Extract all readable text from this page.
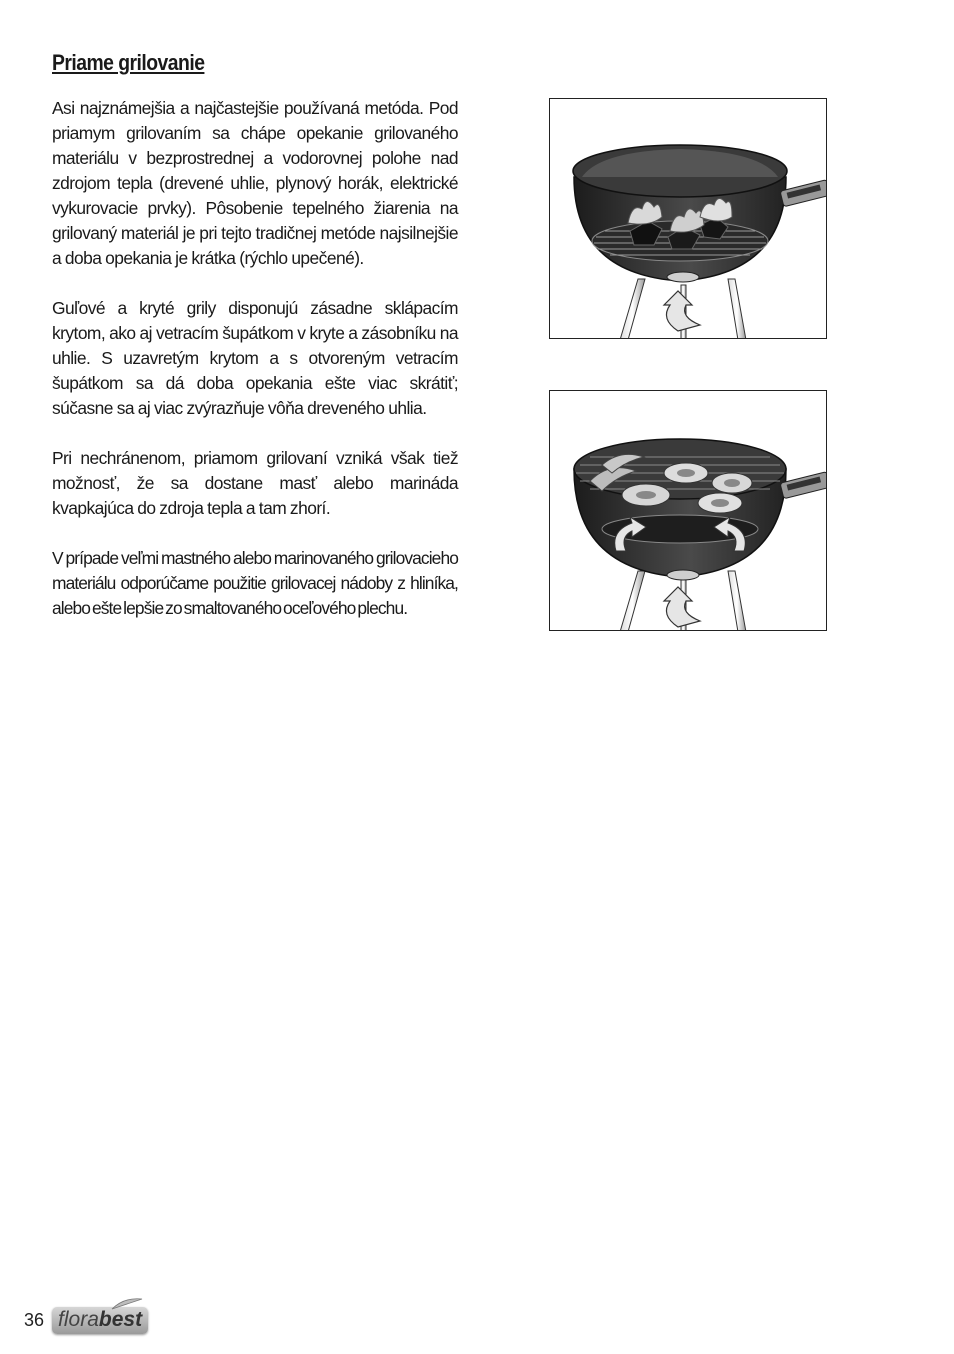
Priame grilovanie

Asi najznámejšia a najčastejšie používaná metóda. Pod priamym grilovaním sa chápe opekanie grilovaného materiálu v bezprostrednej a vodorovnej polohe nad zdrojom tepla (drevené uhlie, plynový horák, elektrické vykurovacie prvky). Pôsobenie tepelného žiarenia na grilovaný materiál je pri tejto tradičnej metóde najsilnejšie a doba opekania je krátka (rýchlo upečené).

Guľové a kryté grily disponujú zásadne sklápacím krytom, ako aj vetracím šupátkom v kryte a zásobníku na uhlie. S uzavretým krytom a s otvoreným vetracím šupátkom sa dá doba opekania ešte viac skrátiť; súčasne sa aj viac zvýrazňuje vôňa dreveného uhlia.

Pri nechránenom, priamom grilovaní vzniká však tiež možnosť, že sa dostane masť alebo marináda kvapkajúca do zdroja tepla a tam zhorí.

V prípade veľmi mastného alebo marinovaného grilovacieho materiálu odporúčame použitie grilovacej nádoby z hliníka, alebo ešte lepšie zo smaltovaného oceľového plechu.

36 florabest
